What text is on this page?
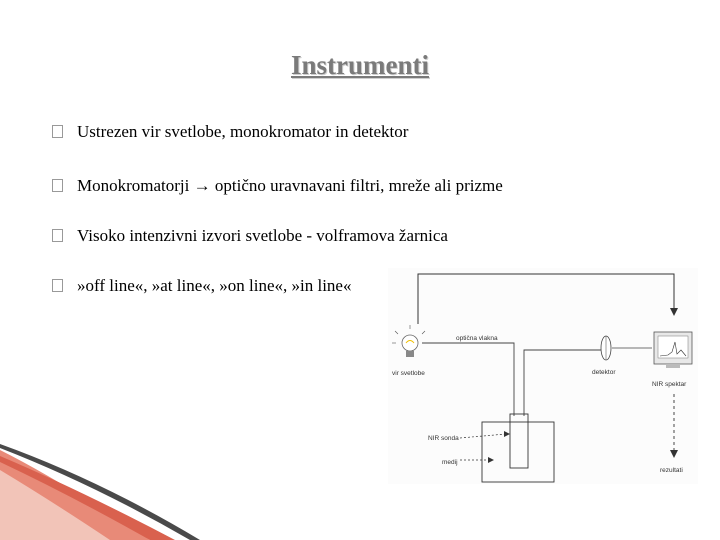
Instrumenti
Ustrezen vir svetlobe, monokromator in detektor
Monokromatorji → optično uravnavani filtri, mreže ali prizme
Visoko intenzivni izvori svetlobe - volframova žarnica
»off line«, »at line«, »on line«, »in line«
vir svetlobe
optična vlakna
detektor
NIR spektar
rezultati
NIR sonda
medij
